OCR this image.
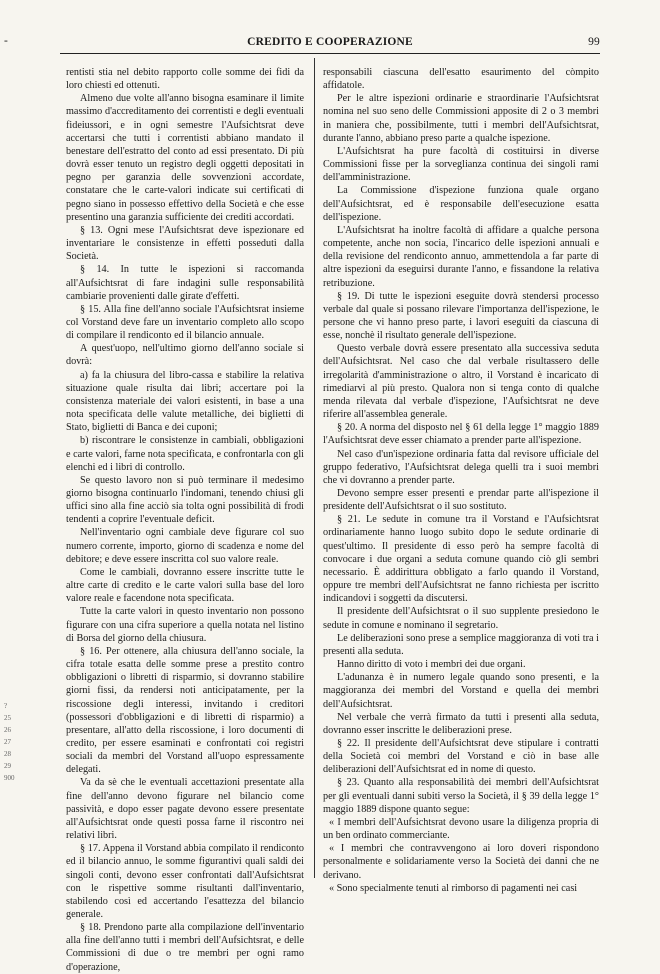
-	CREDITO E COOPERAZIONE	99

rentisti stia nel debito rapporto colle somme dei fidi da loro chiesti ed ottenuti.

Almeno due volte all'anno bisogna esaminare il limite massimo d'accreditamento dei correntisti e degli eventuali fideiussori, e in ogni semestre l'Aufsichtsrat deve accertarsi che tutti i correntisti abbiano mandato il benestare dell'estratto del conto ad essi presentato. Di più dovrà esser tenuto un registro degli oggetti depositati in pegno per garanzia delle sovvenzioni accordate, constatare che le carte-valori indicate sui certificati di pegno siano in possesso effettivo della Società e che esse presentino una garanzia sufficiente dei crediti accordati.

§ 13. Ogni mese l'Aufsichtsrat deve ispezionare ed inventariare le consistenze in effetti posseduti dalla Società.

§ 14. In tutte le ispezioni si raccomanda all'Aufsichtsrat di fare indagini sulle responsabilità cambiarie provenienti dalle girate d'effetti.

§ 15. Alla fine dell'anno sociale l'Aufsichtsrat insieme col Vorstand deve fare un inventario completo allo scopo di compilare il rendiconto ed il bilancio annuale.

A quest'uopo, nell'ultimo giorno dell'anno sociale si dovrà:

a) fa la chiusura del libro-cassa e stabilire la relativa situazione quale risulta dai libri; accertare poi la consistenza materiale dei valori esistenti, in base a una nota specificata delle valute metalliche, dei biglietti di Stato, biglietti di Banca e dei cuponi;

b) riscontrare le consistenze in cambiali, obbligazioni e carte valori, farne nota specificata, e confrontarla con gli elenchi ed i libri di controllo.

Se questo lavoro non si può terminare il medesimo giorno bisogna continuarlo l'indomani, tenendo chiusi gli uffici sino alla fine acciò sia tolta ogni possibilità di frodi tendenti a coprire l'eventuale deficit.

Nell'inventario ogni cambiale deve figurare col suo numero corrente, importo, giorno di scadenza e nome del debitore; e deve essere inscritta col suo valore reale.

Come le cambiali, dovranno essere inscritte tutte le altre carte di credito e le carte valori sulla base del loro valore reale e facendone nota specificata.

Tutte la carte valori in questo inventario non possono figurare con una cifra superiore a quella notata nel listino di Borsa del giorno della chiusura.

§ 16. Per ottenere, alla chiusura dell'anno sociale, la cifra totale esatta delle somme prese a prestito contro obbligazioni o libretti di risparmio, si dovranno stabilire giorni fissi, da rendersi noti anticipatamente, per la riscossione degli interessi, invitando i creditori (possessori d'obbligazioni e di libretti di risparmio) a presentare, all'atto della riscossione, i loro documenti di credito, per essere esaminati e confrontati coi registri sociali da membri del Vorstand all'uopo espressamente delegati.

Va da sè che le eventuali accettazioni presentate alla fine dell'anno devono figurare nel bilancio come passività, e dopo esser pagate devono essere presentate all'Aufsichtsrat onde questi possa farne il riscontro nei relativi libri.

§ 17. Appena il Vorstand abbia compilato il rendiconto ed il bilancio annuo, le somme figurantivi quali saldi dei singoli conti, devono esser confrontati dall'Aufsichtsrat con le rispettive somme risultanti dall'inventario, stabilendo così ed accertando l'esattezza del bilancio generale.

§ 18. Prendono parte alla compilazione dell'inventario alla fine dell'anno tutti i membri dell'Aufsichtsrat, e delle Commissioni di due o tre membri per ogni ramo d'operazione,

responsabili ciascuna dell'esatto esaurimento del còmpito affidatole.

Per le altre ispezioni ordinarie e straordinarie l'Aufsichtsrat nomina nel suo seno delle Commissioni apposite di 2 o 3 membri in maniera che, possibilmente, tutti i membri dell'Aufsichtsrat, durante l'anno, abbiano preso parte a qualche ispezione.

L'Aufsichtsrat ha pure facoltà di costituirsi in diverse Commissioni fisse per la sorveglianza continua dei singoli rami dell'amministrazione.

La Commissione d'ispezione funziona quale organo dell'Aufsichtsrat, ed è responsabile dell'esecuzione esatta dell'ispezione.

L'Aufsichtsrat ha inoltre facoltà di affidare a qualche persona competente, anche non socia, l'incarico delle ispezioni annuali e della revisione del rendiconto annuo, ammettendola a far parte di altre ispezioni da eseguirsi durante l'anno, e fissandone la relativa retribuzione.

§ 19. Di tutte le ispezioni eseguite dovrà stendersi processo verbale dal quale si possano rilevare l'importanza dell'ispezione, le persone che vi hanno preso parte, i lavori eseguiti da ciascuna di esse, nonchè il risultato generale dell'ispezione.

Questo verbale dovrà essere presentato alla successiva seduta dell'Aufsichtsrat. Nel caso che dal verbale risultassero delle irregolarità d'amministrazione o altro, il Vorstand è incaricato di rimediarvi al più presto. Qualora non si tenga conto di qualche menda rilevata dal verbale d'ispezione, l'Aufsichtsrat ne deve riferire all'assemblea generale.

§ 20. A norma del disposto nel § 61 della legge 1° maggio 1889 l'Aufsichtsrat deve esser chiamato a prender parte all'ispezione.

Nel caso d'un'ispezione ordinaria fatta dal revisore ufficiale del gruppo federativo, l'Aufsichtsrat delega quelli tra i suoi membri che vi dovranno a prender parte.

Devono sempre esser presenti e prendar parte all'ispezione il presidente dell'Aufsichtsrat o il suo sostituto.

§ 21. Le sedute in comune tra il Vorstand e l'Aufsichtsrat ordinariamente hanno luogo subito dopo le sedute ordinarie di quest'ultimo. Il presidente di esso però ha sempre facoltà di convocare i due organi a seduta comune quando ciò gli sembri necessario. È addirittura obbligato a farlo quando il Vorstand, oppure tre membri dell'Aufsichtsrat ne fanno richiesta per iscritto indicandovi i soggetti da discutersi.

Il presidente dell'Aufsichtsrat o il suo supplente presiedono le sedute in comune e nominano il segretario.

Le deliberazioni sono prese a semplice maggioranza di voti tra i presenti alla seduta.

Hanno diritto di voto i membri dei due organi.

L'adunanza è in numero legale quando sono presenti, e la maggioranza dei membri del Vorstand e quella dei membri dell'Aufsichtsrat.

Nel verbale che verrà firmato da tutti i presenti alla seduta, dovranno esser inscritte le deliberazioni prese.

§ 22. Il presidente dell'Aufsichtsrat deve stipulare i contratti della Società coi membri del Vorstand e ciò in base alle deliberazioni dell'Aufsichtsrat ed in nome di questo.

§ 23. Quanto alla responsabilità dei membri dell'Aufsichtsrat per gli eventuali danni subiti verso la Società, il § 39 della legge 1° maggio 1889 dispone quanto segue:

« I membri dell'Aufsichtsrat devono usare la diligenza propria di un ben ordinato commerciante.

« I membri che contravvengono ai loro doveri rispondono personalmente e solidariamente verso la Società dei danni che ne derivano.

« Sono specialmente tenuti al rimborso di pagamenti nei casi

?
25
26
27
28
29
900
